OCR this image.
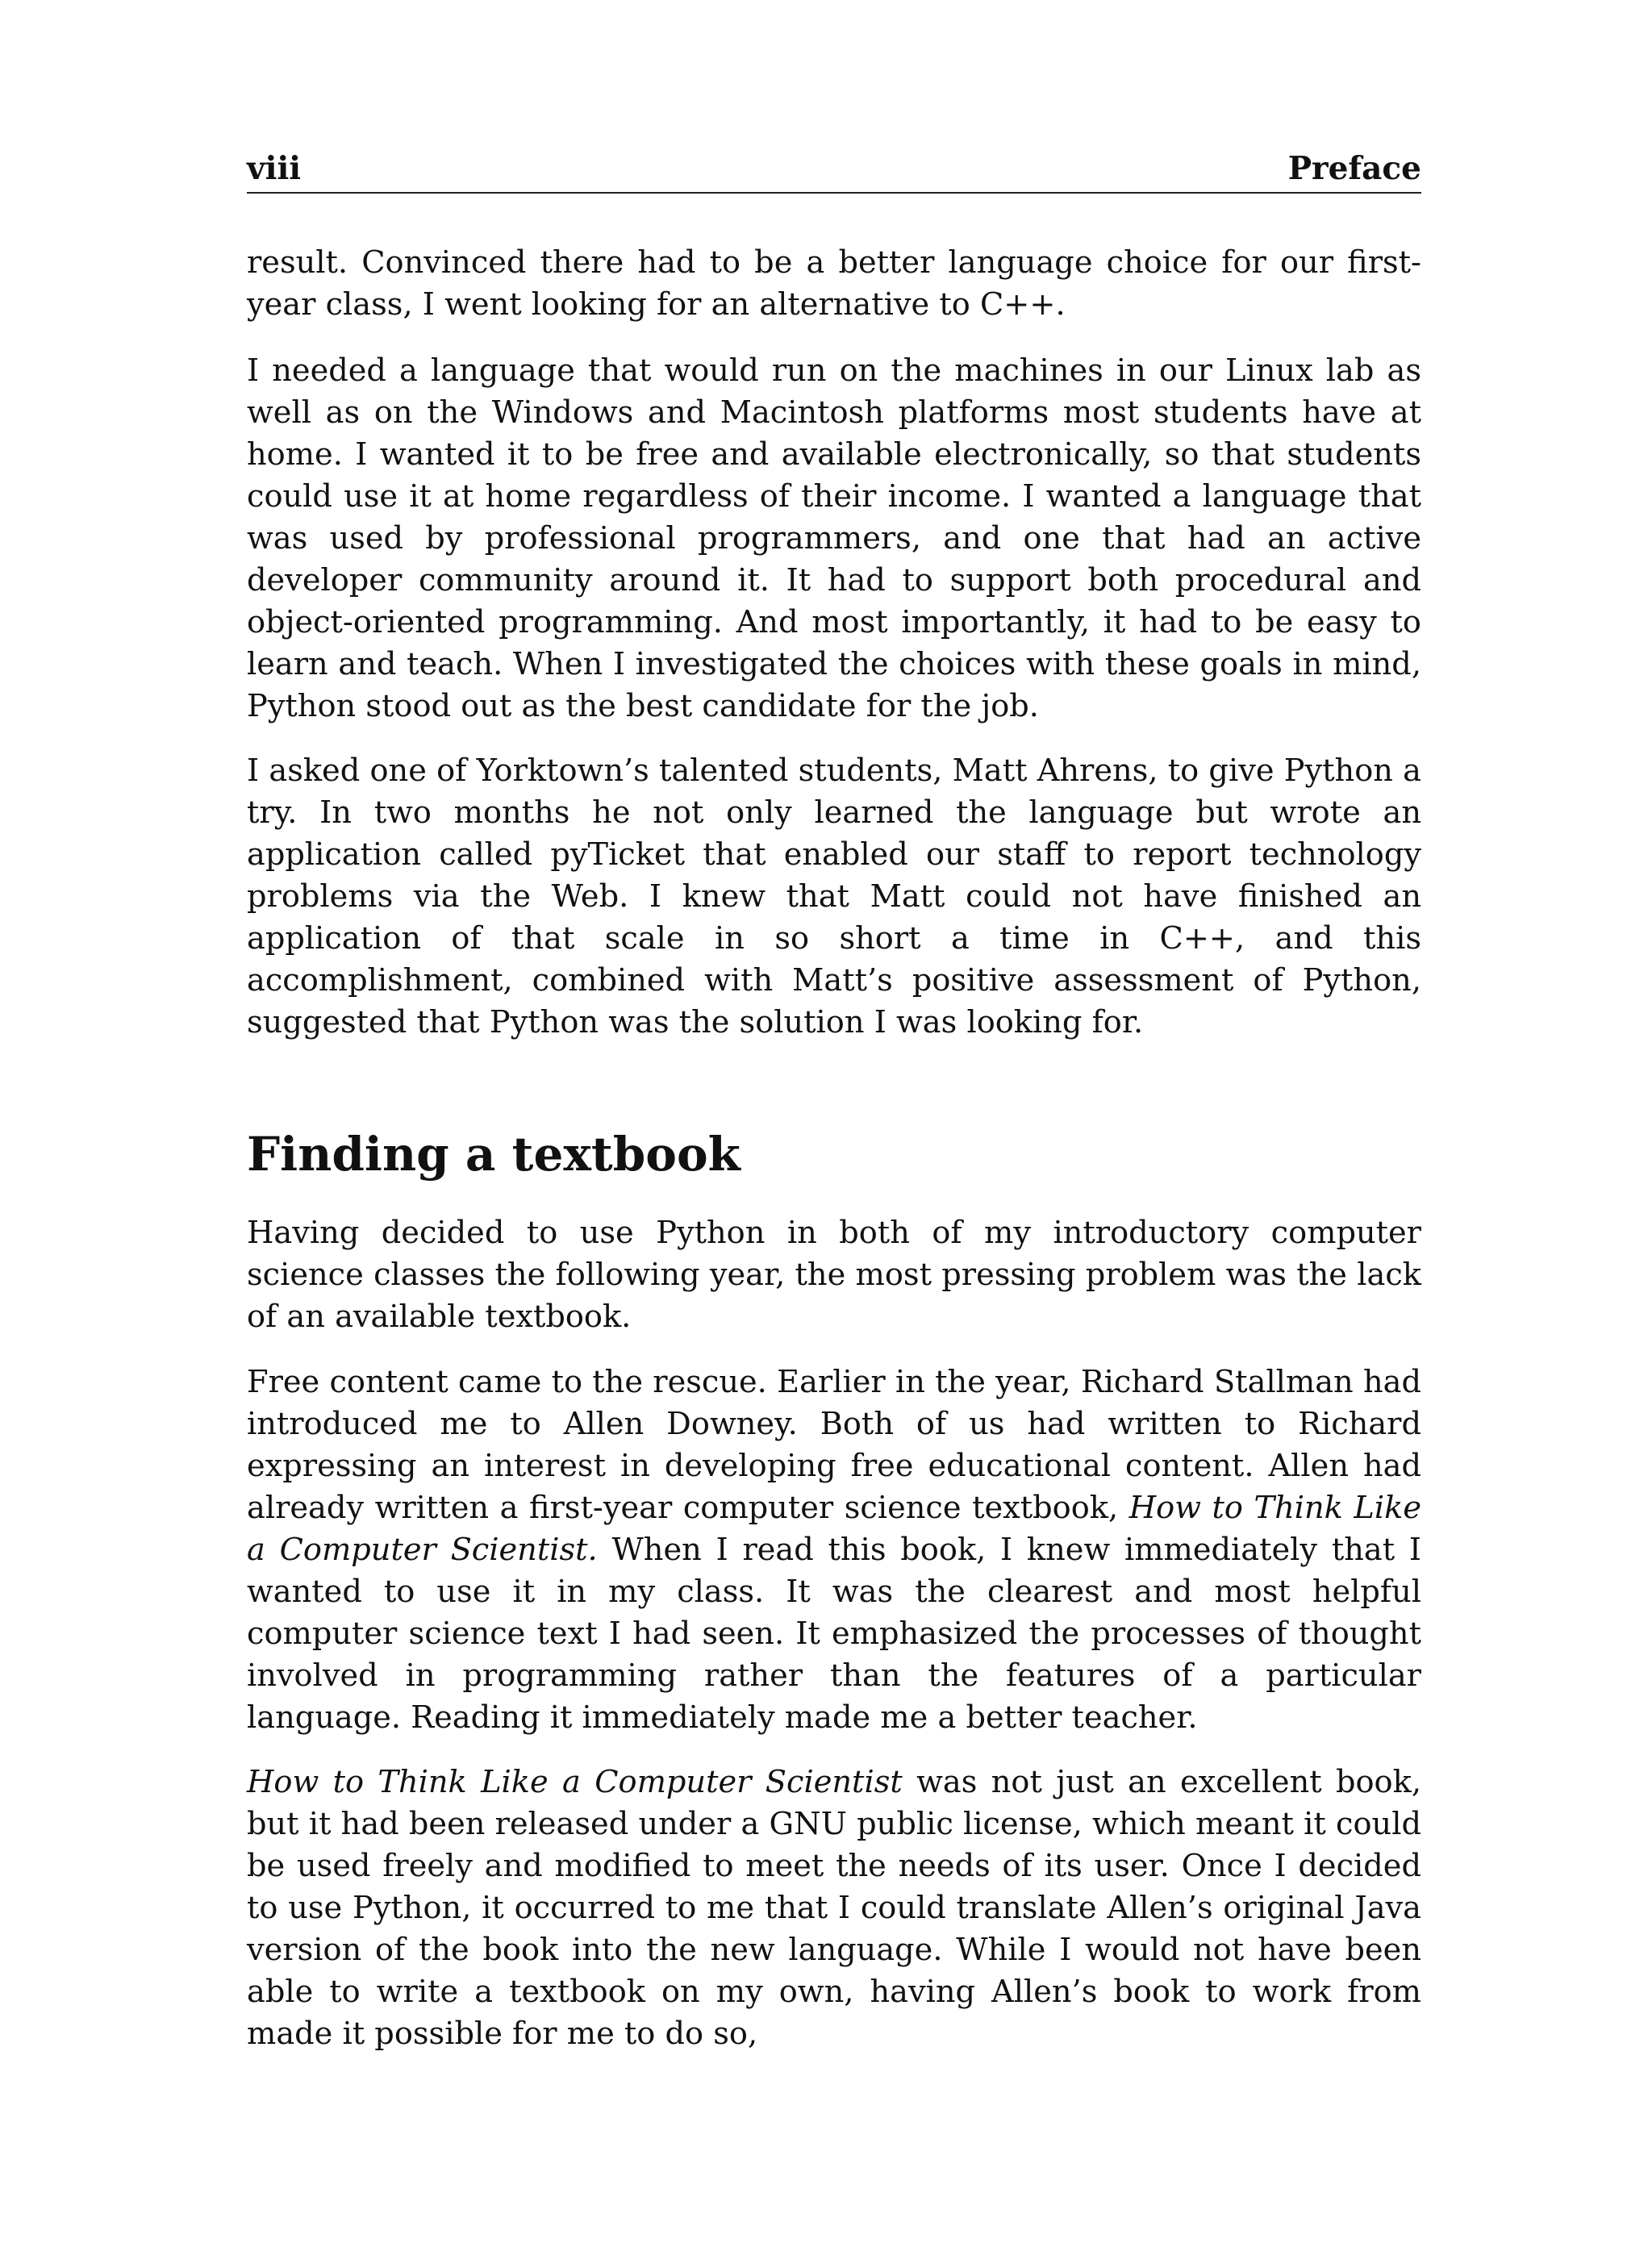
viii	Preface

result. Convinced there had to be a better language choice for our first-year class, I went looking for an alternative to C++.

I needed a language that would run on the machines in our Linux lab as well as on the Windows and Macintosh platforms most students have at home. I wanted it to be free and available electronically, so that students could use it at home regardless of their income. I wanted a language that was used by professional programmers, and one that had an active developer community around it. It had to support both procedural and object-oriented programming. And most importantly, it had to be easy to learn and teach. When I investigated the choices with these goals in mind, Python stood out as the best candidate for the job.

I asked one of Yorktown’s talented students, Matt Ahrens, to give Python a try. In two months he not only learned the language but wrote an application called pyTicket that enabled our staff to report technology problems via the Web. I knew that Matt could not have finished an application of that scale in so short a time in C++, and this accomplishment, combined with Matt’s positive assessment of Python, suggested that Python was the solution I was looking for.

Finding a textbook

Having decided to use Python in both of my introductory computer science classes the following year, the most pressing problem was the lack of an available textbook.

Free content came to the rescue. Earlier in the year, Richard Stallman had introduced me to Allen Downey. Both of us had written to Richard expressing an interest in developing free educational content. Allen had already written a first-year computer science textbook, How to Think Like a Computer Scientist. When I read this book, I knew immediately that I wanted to use it in my class. It was the clearest and most helpful computer science text I had seen. It emphasized the processes of thought involved in programming rather than the features of a particular language. Reading it immediately made me a better teacher.

How to Think Like a Computer Scientist was not just an excellent book, but it had been released under a GNU public license, which meant it could be used freely and modified to meet the needs of its user. Once I decided to use Python, it occurred to me that I could translate Allen’s original Java version of the book into the new language. While I would not have been able to write a textbook on my own, having Allen’s book to work from made it possible for me to do so,
